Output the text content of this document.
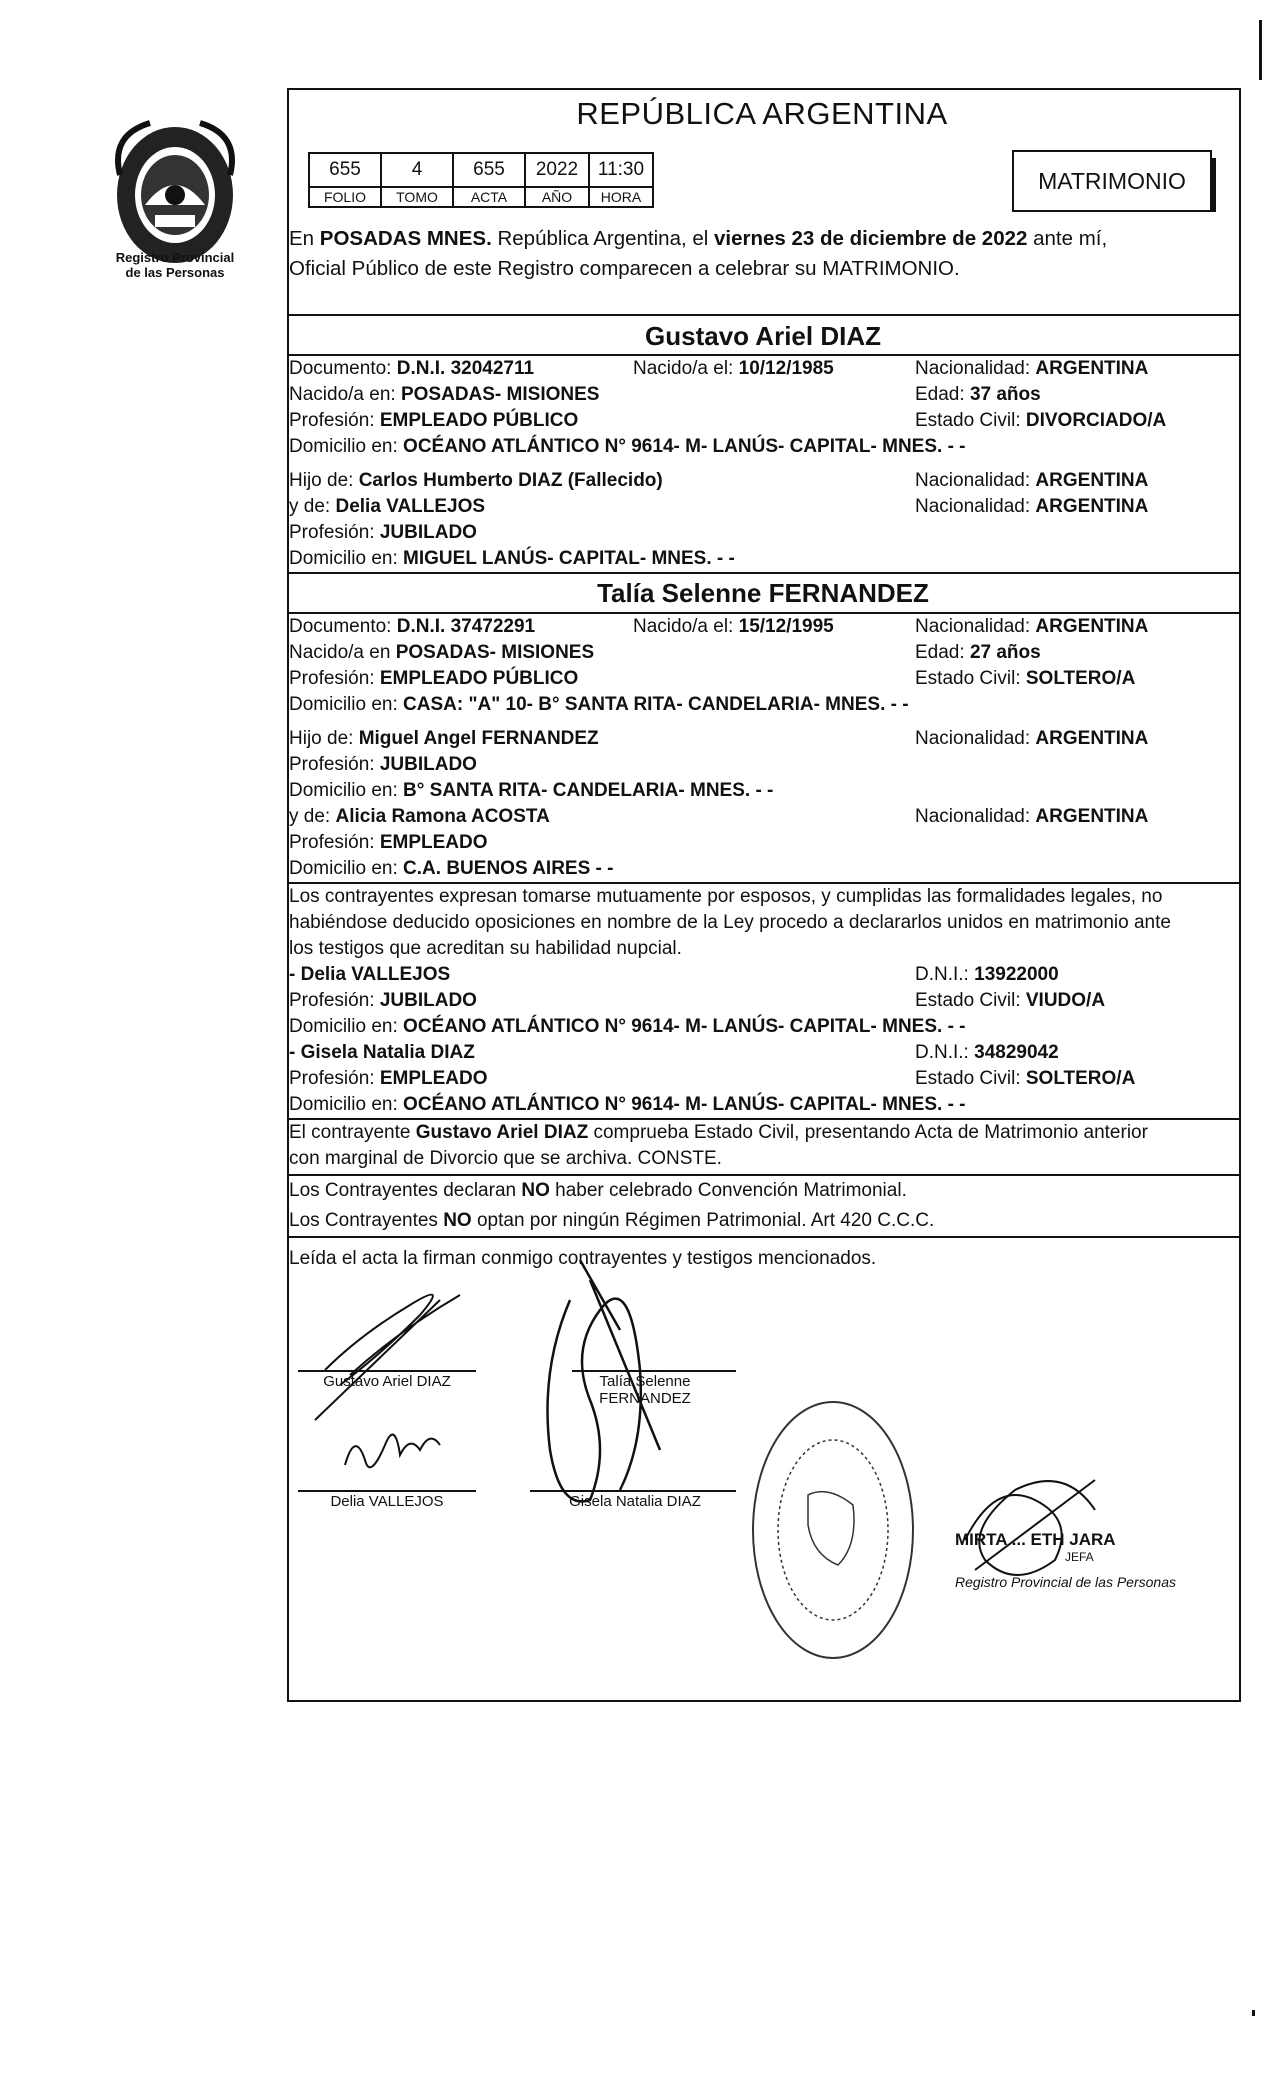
Registro Provincial
de las Personas
REPÚBLICA ARGENTINA
655	4	655	2022	11:30
FOLIO	TOMO	ACTA	AÑO	HORA
MATRIMONIO
En POSADAS MNES. República Argentina, el viernes 23 de diciembre de 2022 ante mí,
Oficial Público de este Registro comparecen a celebrar su MATRIMONIO.
Gustavo Ariel DIAZ
Documento: D.N.I. 32042711	Nacido/a el: 10/12/1985	Nacionalidad: ARGENTINA
Nacido/a en: POSADAS- MISIONES	Edad: 37 años
Profesión: EMPLEADO PÚBLICO	Estado Civil: DIVORCIADO/A
Domicilio en: OCÉANO ATLÁNTICO N° 9614- M- LANÚS- CAPITAL- MNES. - -
Hijo de: Carlos Humberto DIAZ (Fallecido)	Nacionalidad: ARGENTINA
y de: Delia VALLEJOS	Nacionalidad: ARGENTINA
Profesión: JUBILADO
Domicilio en: MIGUEL LANÚS- CAPITAL- MNES. - -
Talía Selenne FERNANDEZ
Documento: D.N.I. 37472291	Nacido/a el: 15/12/1995	Nacionalidad: ARGENTINA
Nacido/a en POSADAS- MISIONES	Edad: 27 años
Profesión: EMPLEADO PÚBLICO	Estado Civil: SOLTERO/A
Domicilio en: CASA: "A" 10- B° SANTA RITA- CANDELARIA- MNES. - -
Hijo de: Miguel Angel FERNANDEZ	Nacionalidad: ARGENTINA
Profesión: JUBILADO
Domicilio en: B° SANTA RITA- CANDELARIA- MNES. - -
y de: Alicia Ramona ACOSTA	Nacionalidad: ARGENTINA
Profesión: EMPLEADO
Domicilio en: C.A. BUENOS AIRES - -
Los contrayentes expresan tomarse mutuamente por esposos, y cumplidas las formalidades legales, no
habiéndose deducido oposiciones en nombre de la Ley procedo a declararlos unidos en matrimonio ante
los testigos que acreditan su habilidad nupcial.
- Delia VALLEJOS	D.N.I.: 13922000
Profesión: JUBILADO	Estado Civil: VIUDO/A
Domicilio en: OCÉANO ATLÁNTICO N° 9614- M- LANÚS- CAPITAL- MNES. - -
- Gisela Natalia DIAZ	D.N.I.: 34829042
Profesión: EMPLEADO	Estado Civil: SOLTERO/A
Domicilio en: OCÉANO ATLÁNTICO N° 9614- M- LANÚS- CAPITAL- MNES. - -
El contrayente Gustavo Ariel DIAZ comprueba Estado Civil, presentando Acta de Matrimonio anterior
con marginal de Divorcio que se archiva. CONSTE.
Los Contrayentes declaran NO haber celebrado Convención Matrimonial.
Los Contrayentes NO optan por ningún Régimen Patrimonial. Art 420 C.C.C.
Leída el acta la firman conmigo contrayentes y testigos mencionados.
Gustavo Ariel DIAZ	Talía Selenne
FERNANDEZ
Delia VALLEJOS	Gisela Natalia DIAZ
MIRTA ... ETH JARA
JEFA
Registro Provincial de las Personas
